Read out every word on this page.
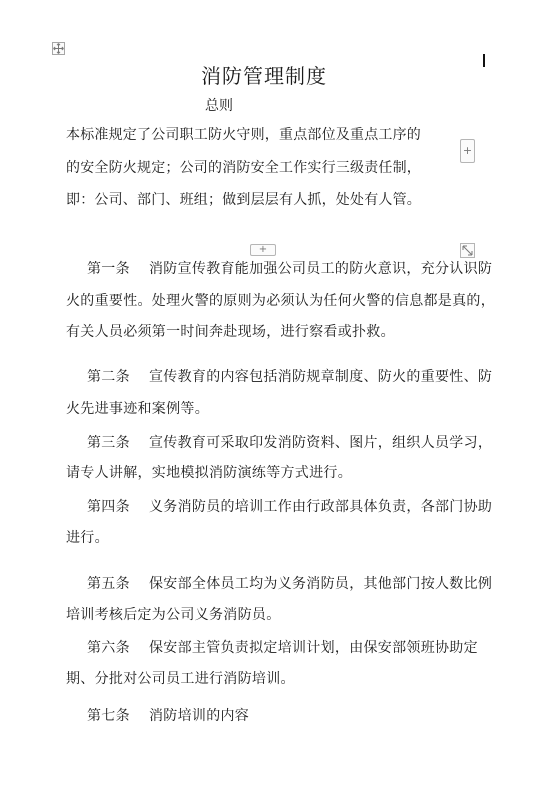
消防管理制度
总则
本标准规定了公司职工防火守则，重点部位及重点工序的
的安全防火规定；公司的消防安全工作实行三级责任制，
即：公司、部门、班组；做到层层有人抓，处处有人管。
+
+
第一条 消防宣传教育能加强公司员工的防火意识，充分认识防
火的重要性。处理火警的原则为必须认为任何火警的信息都是真的，
有关人员必须第一时间奔赴现场，进行察看或扑救。
第二条 宣传教育的内容包括消防规章制度、防火的重要性、防
火先进事迹和案例等。
第三条 宣传教育可采取印发消防资料、图片，组织人员学习，
请专人讲解，实地模拟消防演练等方式进行。
第四条 义务消防员的培训工作由行政部具体负责，各部门协助
进行。
第五条 保安部全体员工均为义务消防员，其他部门按人数比例
培训考核后定为公司义务消防员。
第六条 保安部主管负责拟定培训计划，由保安部领班协助定
期、分批对公司员工进行消防培训。
第七条 消防培训的内容
